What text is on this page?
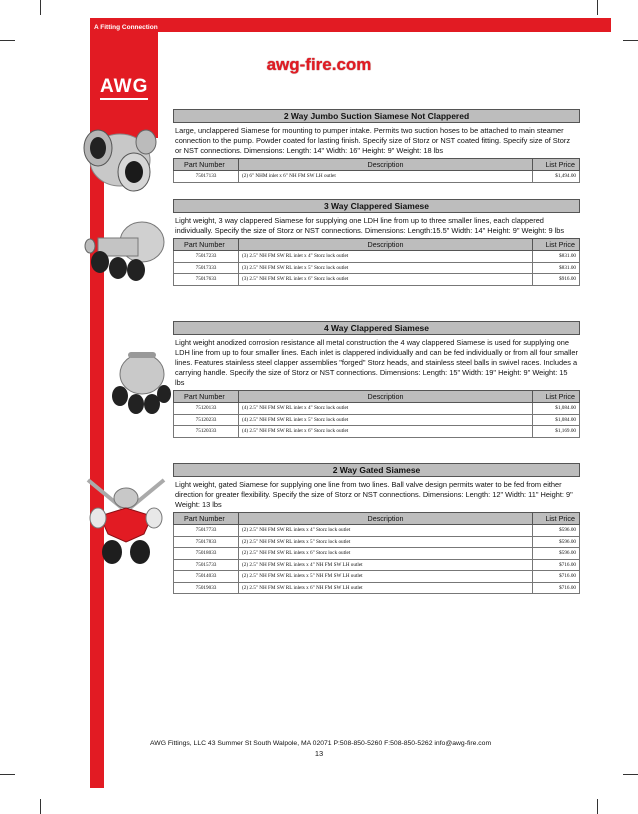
A Fitting Connection
AWG
awg-fire.com
2 Way Jumbo Suction Siamese Not Clappered
Large, unclappered Siamese for mounting to pumper intake. Permits two suction hoses to be attached to main steamer connection to the pump. Powder coated for lasting finish. Specify size of Storz or NST coated fitting. Specify size of Storz or NST connections. Dimensions: Length: 14" Width: 16" Height: 9" Weight: 18 lbs
Part Number	Description	List Price
75017133	(2) 6" NHM inlet x 6" NH FM SW LH outlet	$1,494.00
3 Way Clappered Siamese
Light weight, 3 way clappered Siamese for supplying one LDH line from up to three smaller lines, each clappered individually. Specify the size of Storz or NST connections. Dimensions: Length:15.5" Width: 14" Height: 9" Weight: 9 lbs
Part Number	Description	List Price
75017233	(3) 2.5" NH FM SW RL inlet x 4" Storz lock outlet	$831.00
75017333	(3) 2.5" NH FM SW RL inlet x 5" Storz lock outlet	$831.00
75017633	(3) 2.5" NH FM SW RL inlet x 6" Storz lock outlet	$916.00
4 Way Clappered Siamese
Light weight anodized corrosion resistance all metal construction the 4 way clappered Siamese is used for supplying one LDH line from up to four smaller lines. Each inlet is clappered individually and can be fed individually or from all four smaller lines. Features stainless steel clapper assemblies "forged" Storz heads, and stainless steel balls in swivel races. Includes a carrying handle. Specify the size of Storz or NST connections. Dimensions: Length: 15" Width: 19" Height: 9" Weight: 15 lbs
Part Number	Description	List Price
75120133	(4) 2.5" NH FM SW RL inlet x 4" Storz lock outlet	$1,084.00
75120233	(4) 2.5" NH FM SW RL inlet x 5" Storz lock outlet	$1,084.00
75120333	(4) 2.5" NH FM SW RL inlet x 6" Storz lock outlet	$1,169.00
2 Way Gated Siamese
Light weight, gated Siamese for supplying one line from two lines. Ball valve design permits water to be fed from either direction for greater flexibility. Specify the size of Storz or NST connections. Dimensions: Length: 12" Width: 11" Height: 9" Weight: 13 lbs
Part Number	Description	List Price
75017733	(2) 2.5" NH FM SW RL inlets x 4" Storz lock outlet	$596.00
75017833	(2) 2.5" NH FM SW RL inlets x 5" Storz lock outlet	$596.00
75018033	(2) 2.5" NH FM SW RL inlets x 6" Storz lock outlet	$596.00
75015733	(2) 2.5" NH FM SW RL inlets x 4" NH FM SW LH outlet	$716.00
75014033	(2) 2.5" NH FM SW RL inlets x 5" NH FM SW LH outlet	$716.00
75019033	(2) 2.5" NH FM SW RL inlets x 6" NH FM SW LH outlet	$716.00
AWG Fittings, LLC 43 Summer St South Walpole, MA 02071 P:508-850-5260 F:508-850-5262 info@awg-fire.com
13
